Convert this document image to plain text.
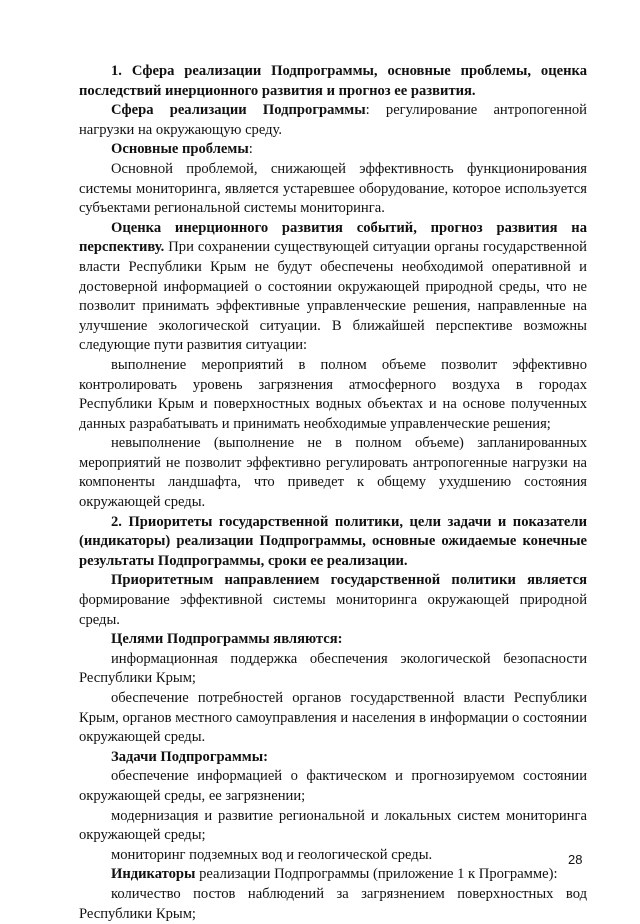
1. Сфера реализации Подпрограммы, основные проблемы, оценка последствий инерционного развития и прогноз ее развития.

Сфера реализации Подпрограммы: регулирование антропогенной нагрузки на окружающую среду.

Основные проблемы:

Основной проблемой, снижающей эффективность функционирования системы мониторинга, является устаревшее оборудование, которое используется субъектами региональной системы мониторинга.

Оценка инерционного развития событий, прогноз развития на перспективу. При сохранении существующей ситуации органы государственной власти Республики Крым не будут обеспечены необходимой оперативной и достоверной информацией о состоянии окружающей природной среды, что не позволит принимать эффективные управленческие решения, направленные на улучшение экологической ситуации. В ближайшей перспективе возможны следующие пути развития ситуации:

выполнение мероприятий в полном объеме позволит эффективно контролировать уровень загрязнения атмосферного воздуха в городах Республики Крым и поверхностных водных объектах и на основе полученных данных разрабатывать и принимать необходимые управленческие решения;

невыполнение (выполнение не в полном объеме) запланированных мероприятий не позволит эффективно регулировать антропогенные нагрузки на компоненты ландшафта, что приведет к общему ухудшению состояния окружающей среды.

2. Приоритеты государственной политики, цели задачи и показатели (индикаторы) реализации Подпрограммы, основные ожидаемые конечные результаты Подпрограммы, сроки ее реализации.

Приоритетным направлением государственной политики является формирование эффективной системы мониторинга окружающей природной среды.

Целями Подпрограммы являются:

информационная поддержка обеспечения экологической безопасности Республики Крым;

обеспечение потребностей органов государственной власти Республики Крым, органов местного самоуправления и населения в информации о состоянии окружающей среды.

Задачи Подпрограммы:

обеспечение информацией о фактическом и прогнозируемом состоянии окружающей среды, ее загрязнении;

модернизация и развитие региональной и локальных систем мониторинга окружающей среды;

мониторинг подземных вод и геологической среды.

Индикаторы реализации Подпрограммы (приложение 1 к Программе):

количество постов наблюдений за загрязнением поверхностных вод Республики Крым;

28
